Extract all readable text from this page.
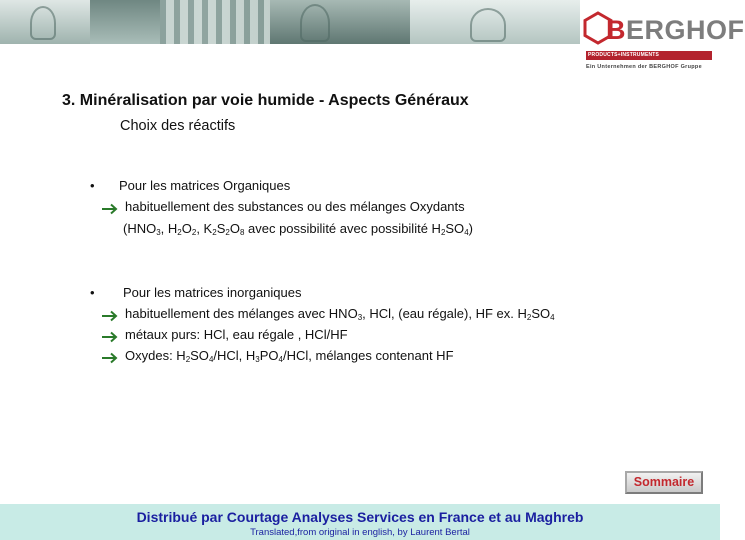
BERGHOF
PRODUCTS+INSTRUMENTS
Ein Unternehmen der BERGHOF Gruppe
3. Minéralisation par voie humide - Aspects Généraux
Choix des réactifs
• Pour les matrices Organiques
habituellement des substances ou des mélanges Oxydants
($HNO_3$, $H_2O_2$, $K_2S_2O_8$ avec possibilité avec possibilité $H_2SO_4$)
• Pour les matrices inorganiques
habituellement des mélanges avec $HNO_3$, HCl, (eau régale), HF ex. $H_2SO_4$
métaux purs: HCl, eau régale , HCl/HF
Oxydes: $H_2SO_4$/HCl, $H_3PO_4$/HCl, mélanges contenant HF
Sommaire
Distribué par Courtage Analyses Services en France et au Maghreb
Translated,from original in english, by Laurent Bertal
